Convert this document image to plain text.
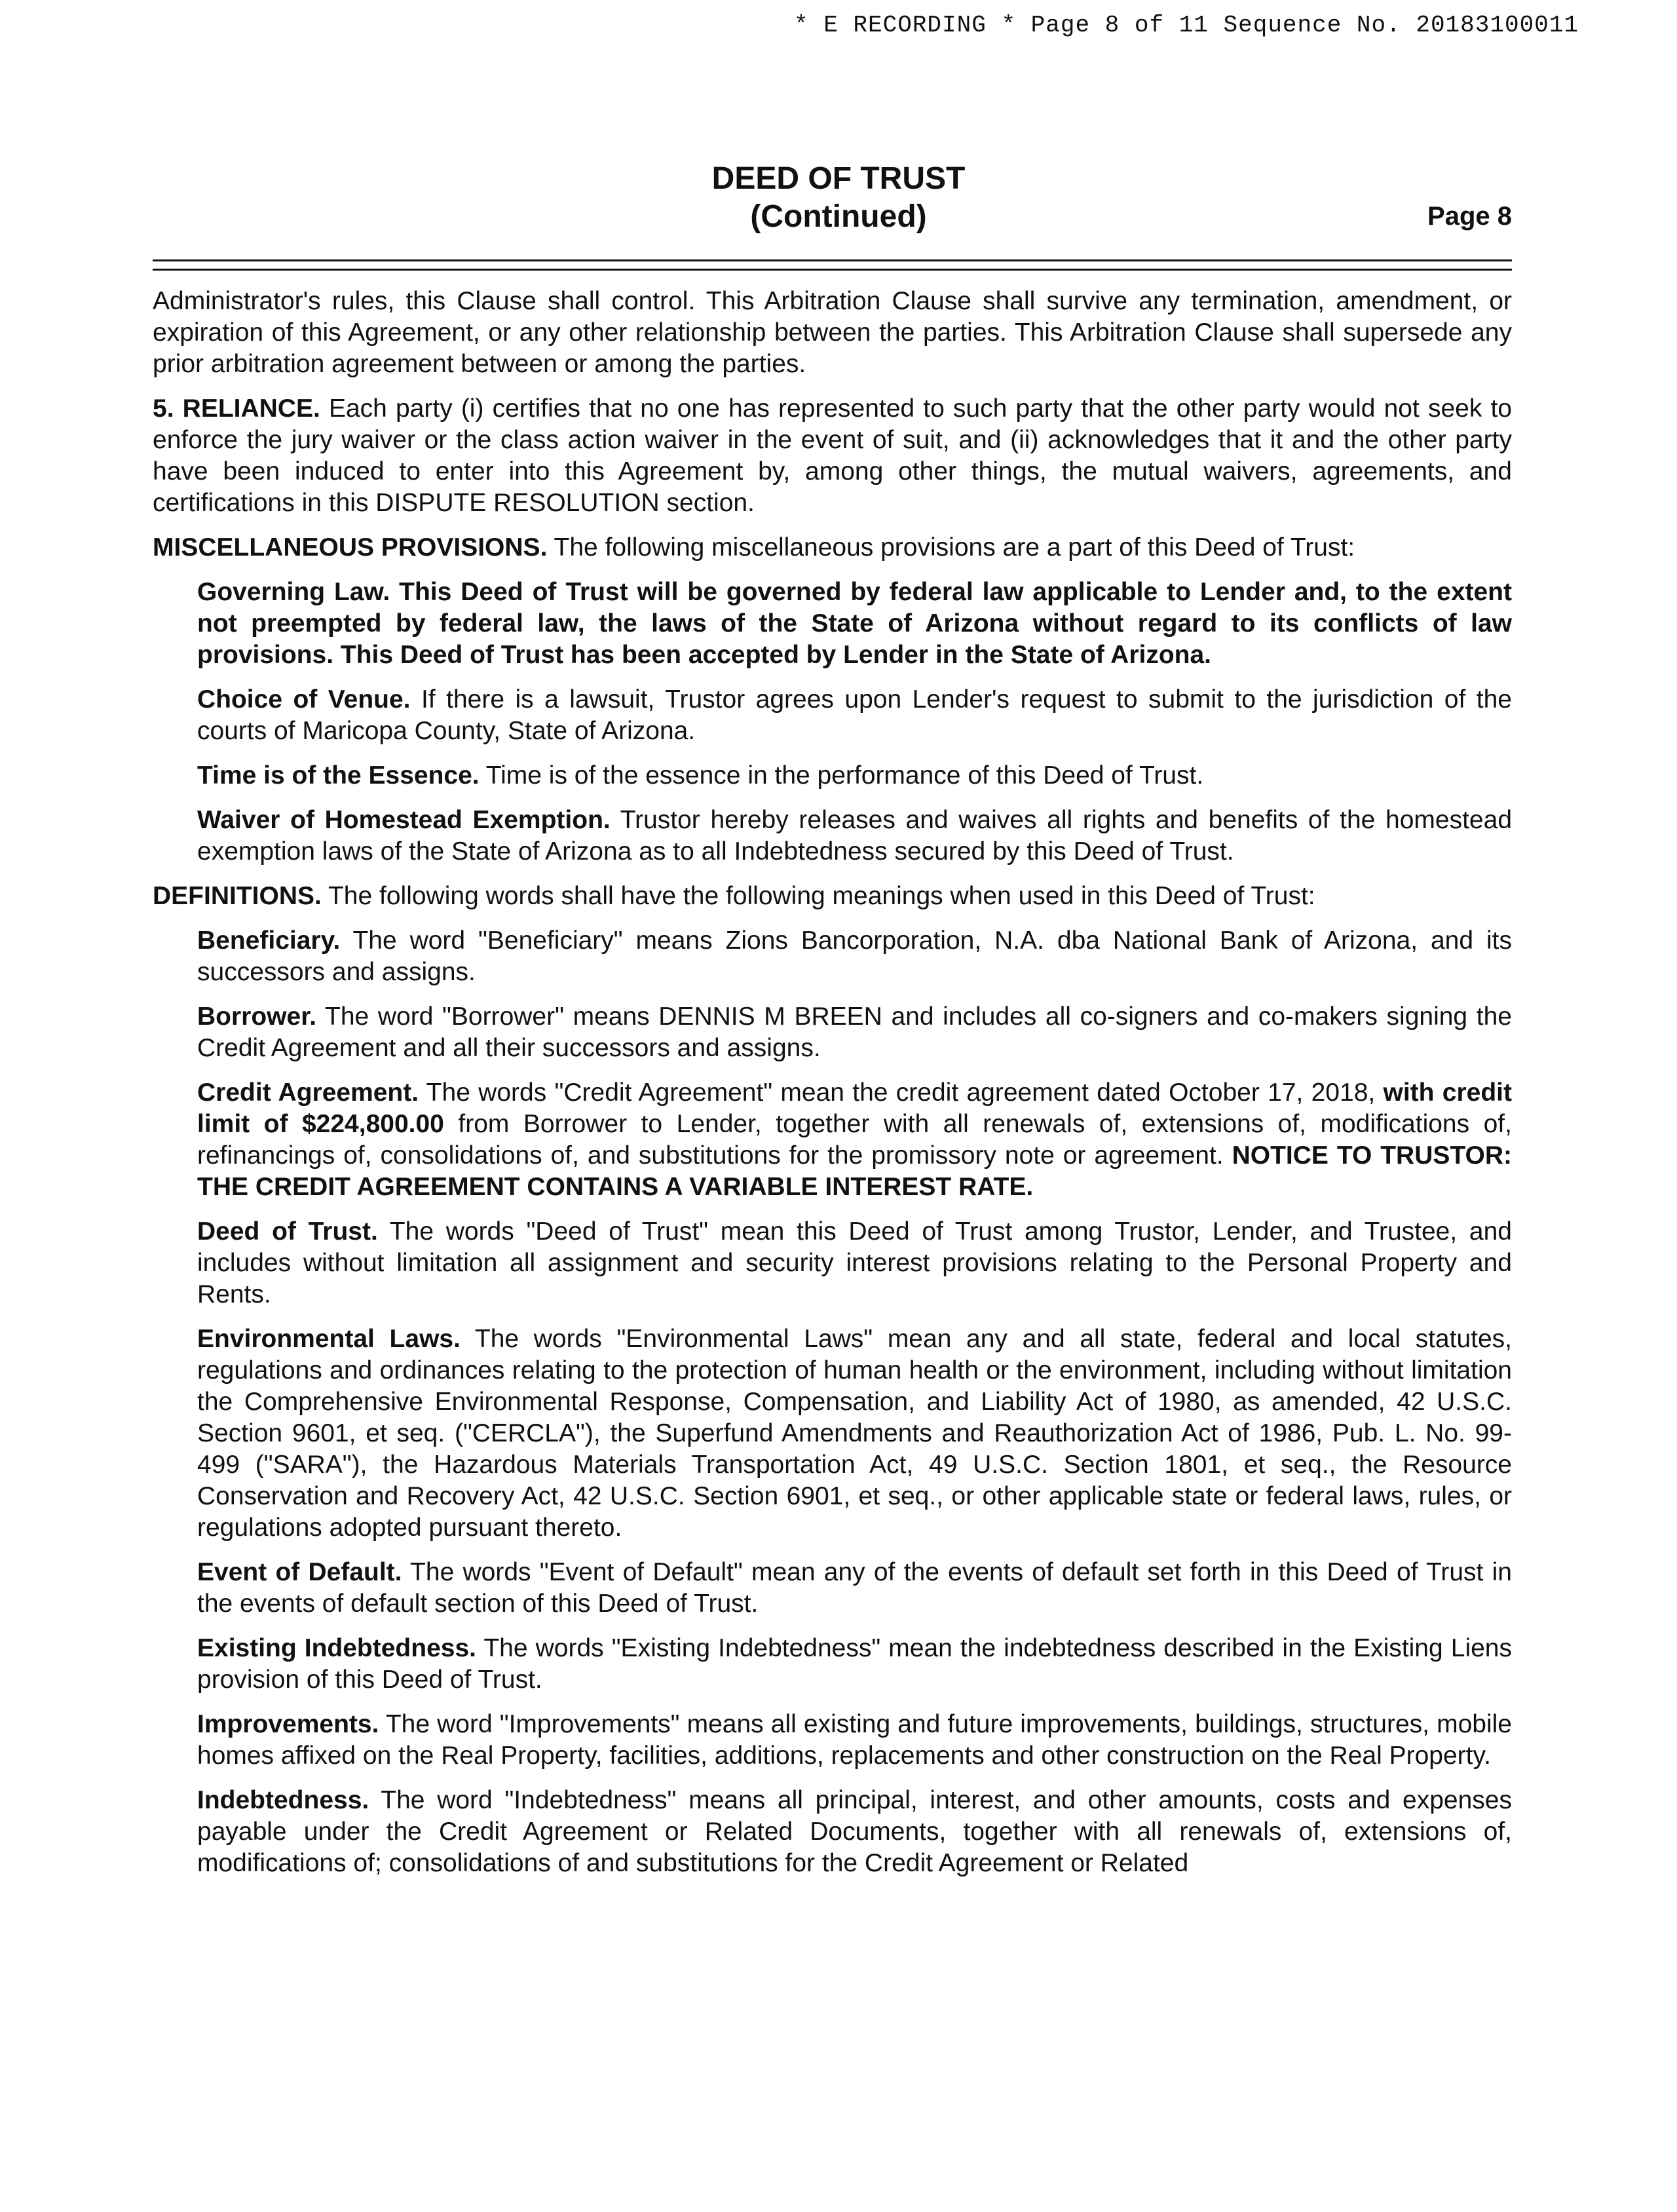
* E RECORDING * Page 8 of 11 Sequence No. 20183100011
DEED OF TRUST
(Continued)	Page 8

Administrator's rules, this Clause shall control. This Arbitration Clause shall survive any termination, amendment, or expiration of this Agreement, or any other relationship between the parties. This Arbitration Clause shall supersede any prior arbitration agreement between or among the parties.

5. RELIANCE. Each party (i) certifies that no one has represented to such party that the other party would not seek to enforce the jury waiver or the class action waiver in the event of suit, and (ii) acknowledges that it and the other party have been induced to enter into this Agreement by, among other things, the mutual waivers, agreements, and certifications in this DISPUTE RESOLUTION section.

MISCELLANEOUS PROVISIONS. The following miscellaneous provisions are a part of this Deed of Trust:

Governing Law. This Deed of Trust will be governed by federal law applicable to Lender and, to the extent not preempted by federal law, the laws of the State of Arizona without regard to its conflicts of law provisions. This Deed of Trust has been accepted by Lender in the State of Arizona.

Choice of Venue. If there is a lawsuit, Trustor agrees upon Lender's request to submit to the jurisdiction of the courts of Maricopa County, State of Arizona.

Time is of the Essence. Time is of the essence in the performance of this Deed of Trust.

Waiver of Homestead Exemption. Trustor hereby releases and waives all rights and benefits of the homestead exemption laws of the State of Arizona as to all Indebtedness secured by this Deed of Trust.

DEFINITIONS. The following words shall have the following meanings when used in this Deed of Trust:

Beneficiary. The word "Beneficiary" means Zions Bancorporation, N.A. dba National Bank of Arizona, and its successors and assigns.

Borrower. The word "Borrower" means DENNIS M BREEN and includes all co-signers and co-makers signing the Credit Agreement and all their successors and assigns.

Credit Agreement. The words "Credit Agreement" mean the credit agreement dated October 17, 2018, with credit limit of $224,800.00 from Borrower to Lender, together with all renewals of, extensions of, modifications of, refinancings of, consolidations of, and substitutions for the promissory note or agreement. NOTICE TO TRUSTOR: THE CREDIT AGREEMENT CONTAINS A VARIABLE INTEREST RATE.

Deed of Trust. The words "Deed of Trust" mean this Deed of Trust among Trustor, Lender, and Trustee, and includes without limitation all assignment and security interest provisions relating to the Personal Property and Rents.

Environmental Laws. The words "Environmental Laws" mean any and all state, federal and local statutes, regulations and ordinances relating to the protection of human health or the environment, including without limitation the Comprehensive Environmental Response, Compensation, and Liability Act of 1980, as amended, 42 U.S.C. Section 9601, et seq. ("CERCLA"), the Superfund Amendments and Reauthorization Act of 1986, Pub. L. No. 99-499 ("SARA"), the Hazardous Materials Transportation Act, 49 U.S.C. Section 1801, et seq., the Resource Conservation and Recovery Act, 42 U.S.C. Section 6901, et seq., or other applicable state or federal laws, rules, or regulations adopted pursuant thereto.

Event of Default. The words "Event of Default" mean any of the events of default set forth in this Deed of Trust in the events of default section of this Deed of Trust.

Existing Indebtedness. The words "Existing Indebtedness" mean the indebtedness described in the Existing Liens provision of this Deed of Trust.

Improvements. The word "Improvements" means all existing and future improvements, buildings, structures, mobile homes affixed on the Real Property, facilities, additions, replacements and other construction on the Real Property.

Indebtedness. The word "Indebtedness" means all principal, interest, and other amounts, costs and expenses payable under the Credit Agreement or Related Documents, together with all renewals of, extensions of, modifications of; consolidations of and substitutions for the Credit Agreement or Related
